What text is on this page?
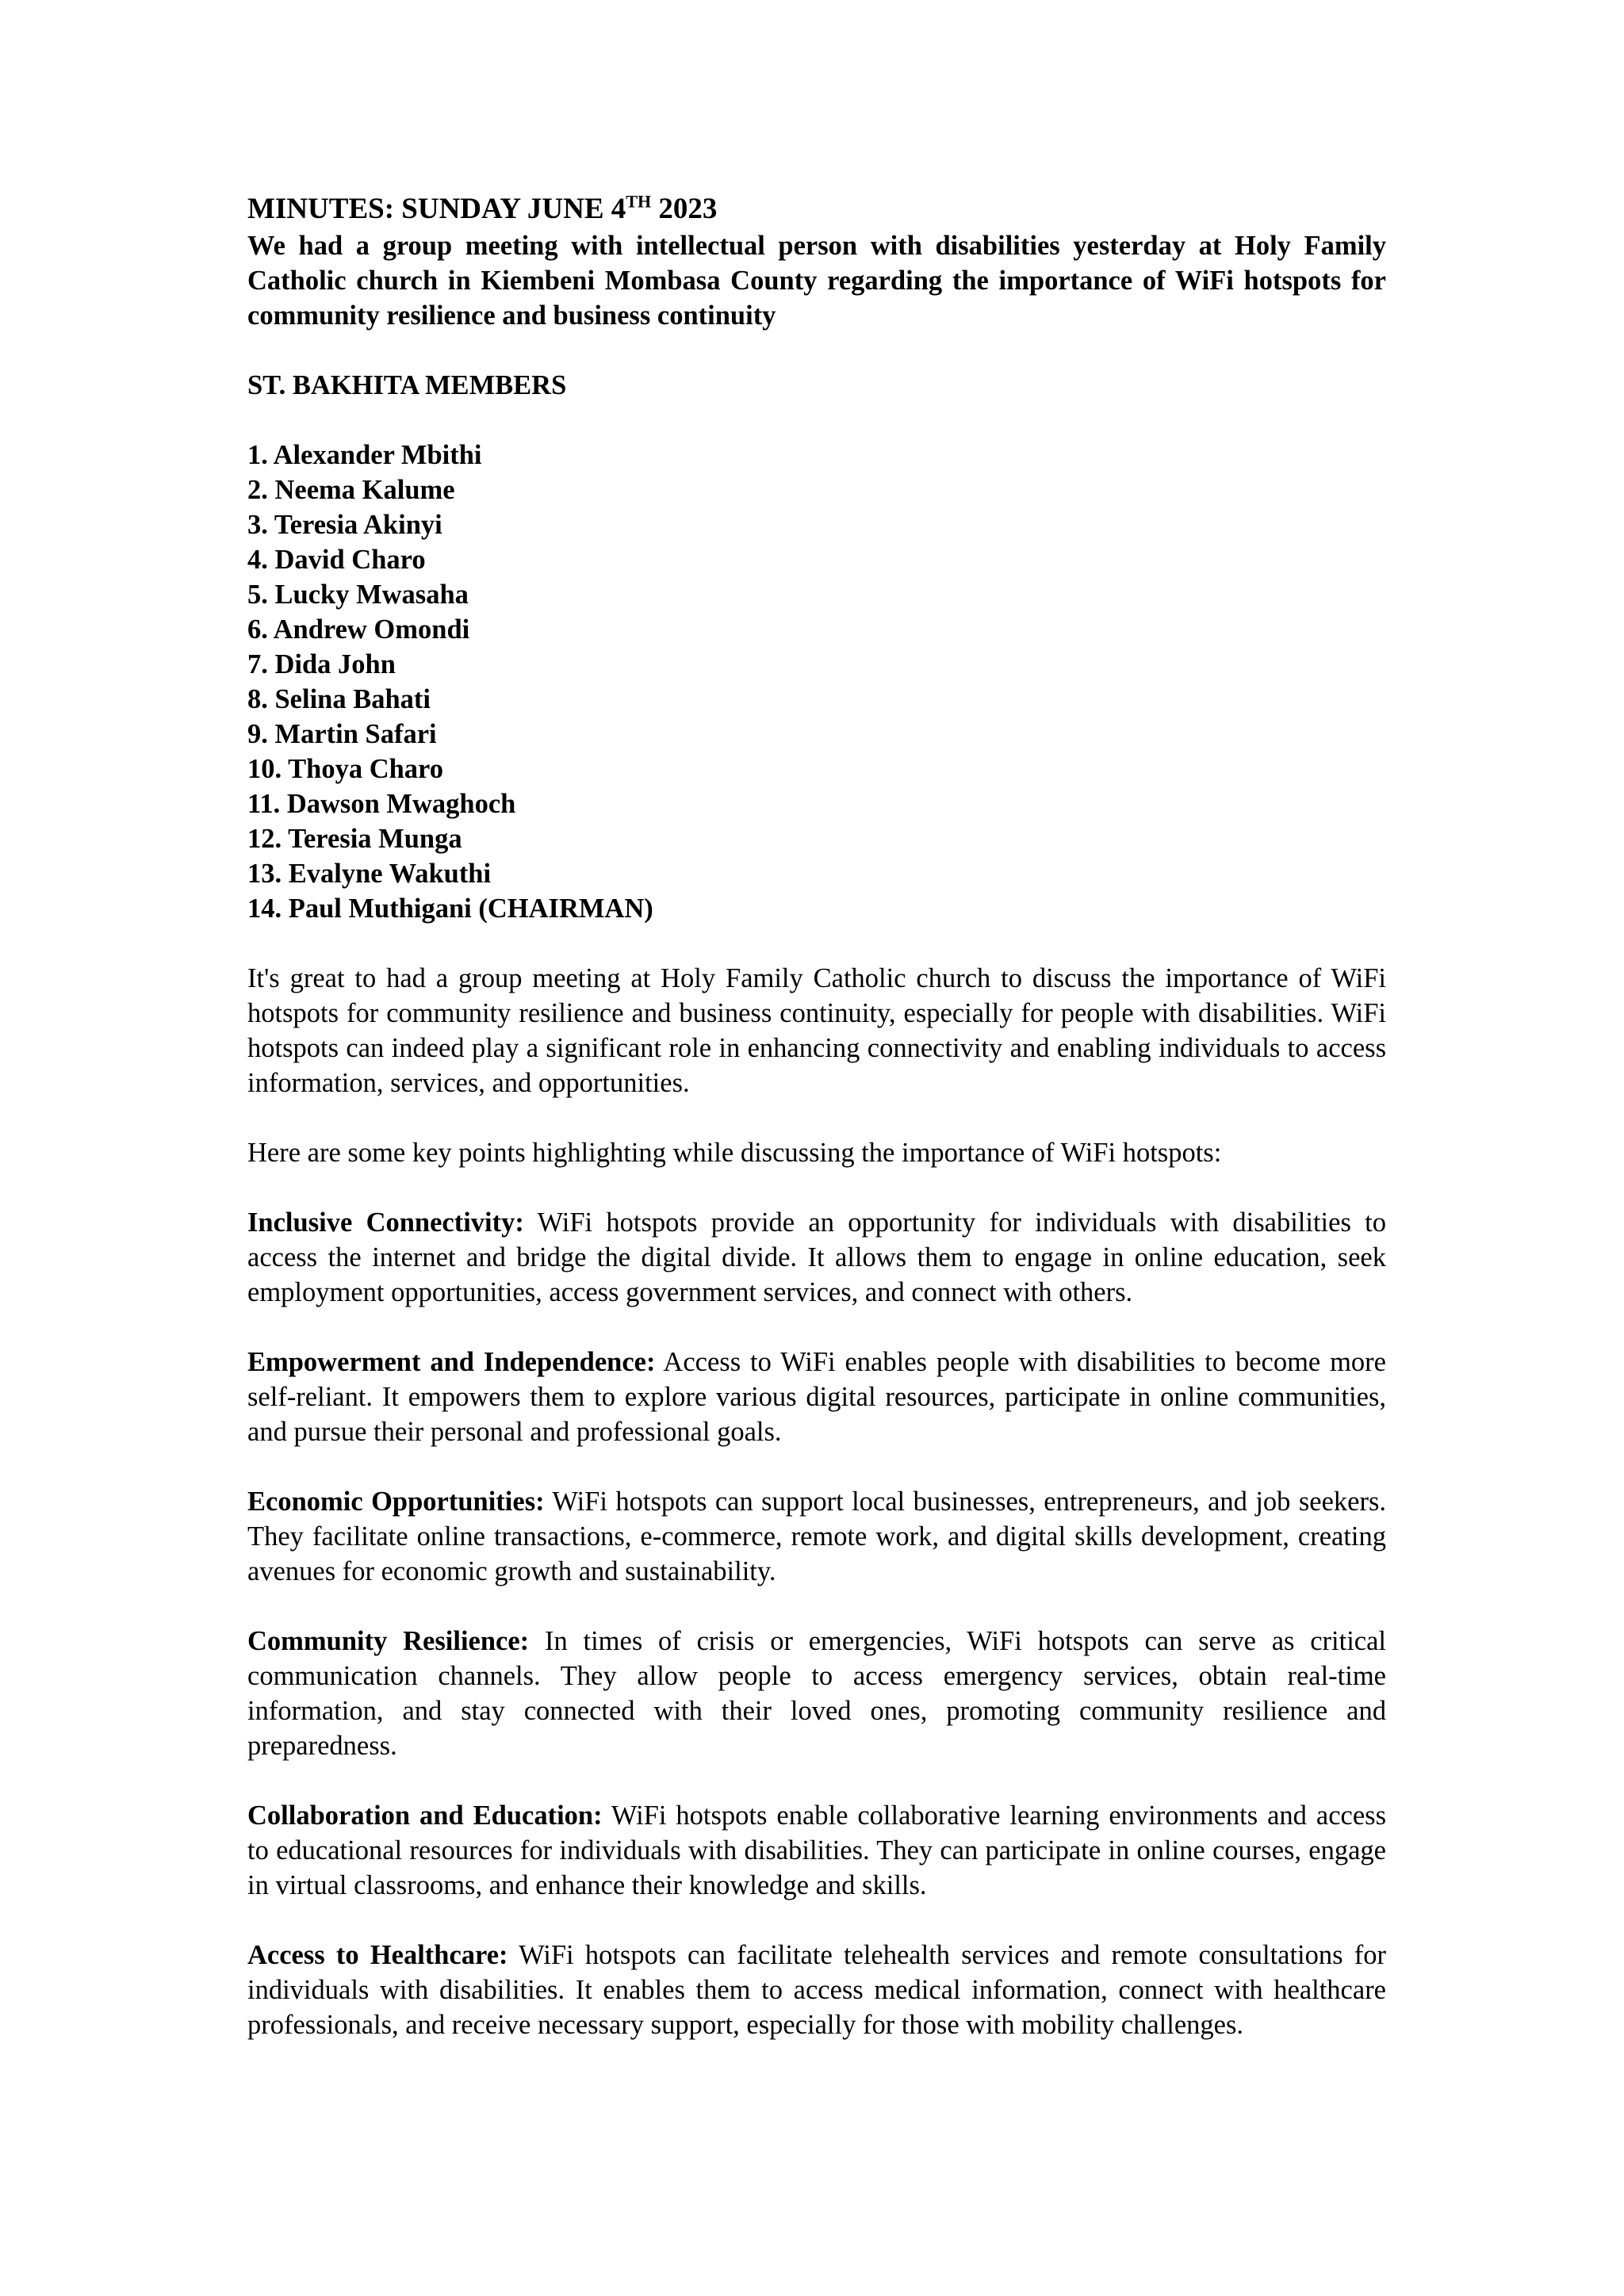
MINUTES: SUNDAY JUNE 4TH 2023

We had a group meeting with intellectual person with disabilities yesterday at Holy Family Catholic church in Kiembeni Mombasa County regarding the importance of WiFi hotspots for community resilience and business continuity

ST. BAKHITA MEMBERS

1. Alexander Mbithi
2. Neema Kalume
3. Teresia Akinyi
4. David Charo
5. Lucky Mwasaha
6. Andrew Omondi
7. Dida John
8. Selina Bahati
9. Martin Safari
10. Thoya Charo
11. Dawson Mwaghoch
12. Teresia Munga
13. Evalyne Wakuthi
14. Paul Muthigani (CHAIRMAN)

It's great to had a group meeting at Holy Family Catholic church to discuss the importance of WiFi hotspots for community resilience and business continuity, especially for people with disabilities. WiFi hotspots can indeed play a significant role in enhancing connectivity and enabling individuals to access information, services, and opportunities.

Here are some key points highlighting while discussing the importance of WiFi hotspots:

Inclusive Connectivity: WiFi hotspots provide an opportunity for individuals with disabilities to access the internet and bridge the digital divide. It allows them to engage in online education, seek employment opportunities, access government services, and connect with others.

Empowerment and Independence: Access to WiFi enables people with disabilities to become more self-reliant. It empowers them to explore various digital resources, participate in online communities, and pursue their personal and professional goals.

Economic Opportunities: WiFi hotspots can support local businesses, entrepreneurs, and job seekers. They facilitate online transactions, e-commerce, remote work, and digital skills development, creating avenues for economic growth and sustainability.

Community Resilience: In times of crisis or emergencies, WiFi hotspots can serve as critical communication channels. They allow people to access emergency services, obtain real-time information, and stay connected with their loved ones, promoting community resilience and preparedness.

Collaboration and Education: WiFi hotspots enable collaborative learning environments and access to educational resources for individuals with disabilities. They can participate in online courses, engage in virtual classrooms, and enhance their knowledge and skills.

Access to Healthcare: WiFi hotspots can facilitate telehealth services and remote consultations for individuals with disabilities. It enables them to access medical information, connect with healthcare professionals, and receive necessary support, especially for those with mobility challenges.
